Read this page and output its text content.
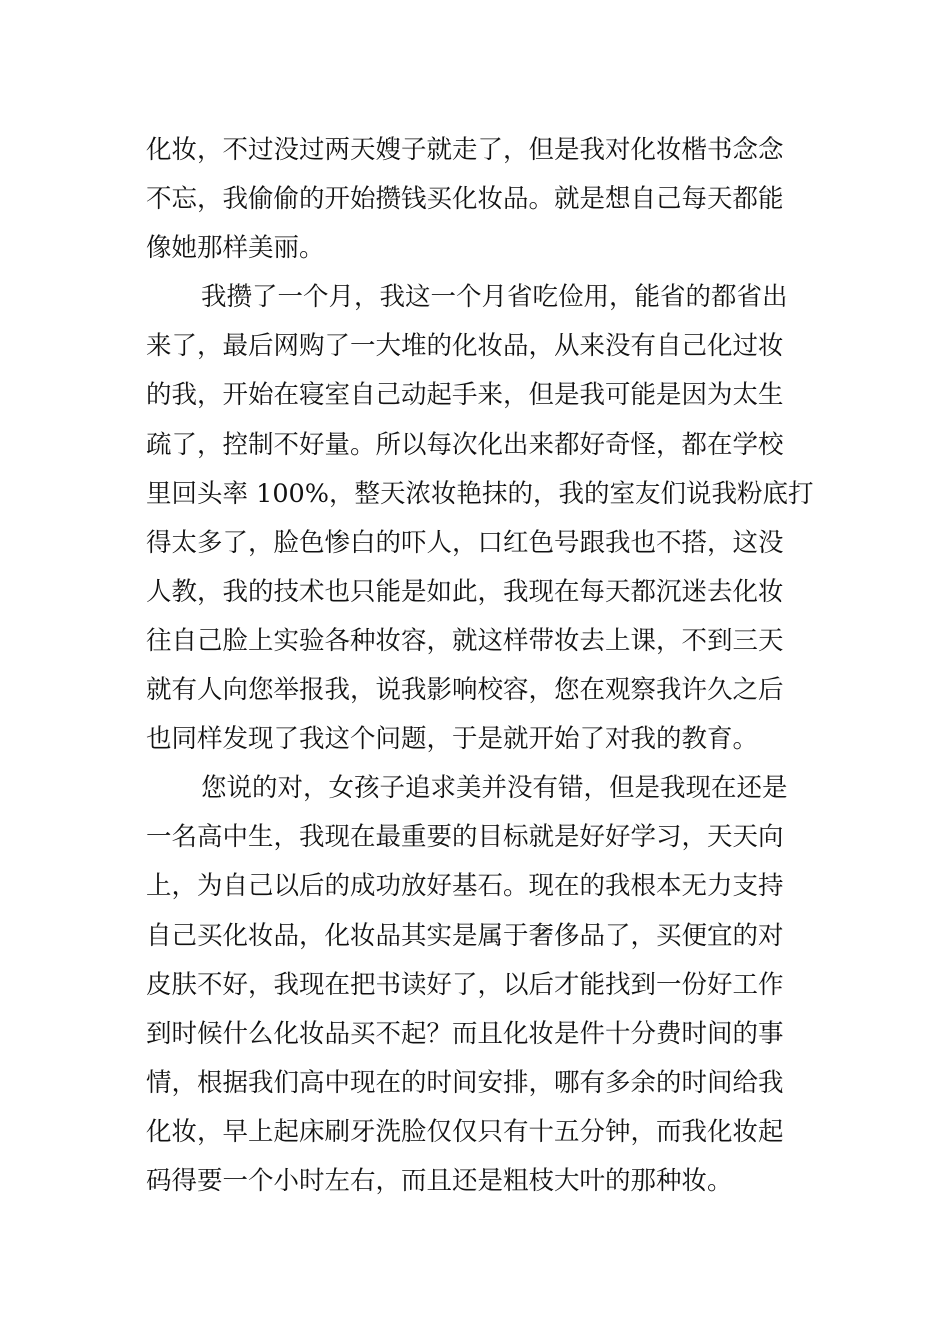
化妆，不过没过两天嫂子就走了，但是我对化妆楷书念念
不忘，我偷偷的开始攒钱买化妆品。就是想自己每天都能
像她那样美丽。
我攒了一个月，我这一个月省吃俭用，能省的都省出
来了，最后网购了一大堆的化妆品，从来没有自己化过妆
的我，开始在寝室自己动起手来，但是我可能是因为太生
疏了，控制不好量。所以每次化出来都好奇怪，都在学校
里回头率 100%，整天浓妆艳抹的，我的室友们说我粉底打
得太多了，脸色惨白的吓人，口红色号跟我也不搭，这没
人教，我的技术也只能是如此，我现在每天都沉迷去化妆
往自己脸上实验各种妆容，就这样带妆去上课，不到三天
就有人向您举报我，说我影响校容，您在观察我许久之后
也同样发现了我这个问题，于是就开始了对我的教育。
您说的对，女孩子追求美并没有错，但是我现在还是
一名高中生，我现在最重要的目标就是好好学习，天天向
上，为自己以后的成功放好基石。现在的我根本无力支持
自己买化妆品，化妆品其实是属于奢侈品了，买便宜的对
皮肤不好，我现在把书读好了，以后才能找到一份好工作
到时候什么化妆品买不起？而且化妆是件十分费时间的事
情，根据我们高中现在的时间安排，哪有多余的时间给我
化妆，早上起床刷牙洗脸仅仅只有十五分钟，而我化妆起
码得要一个小时左右，而且还是粗枝大叶的那种妆。
